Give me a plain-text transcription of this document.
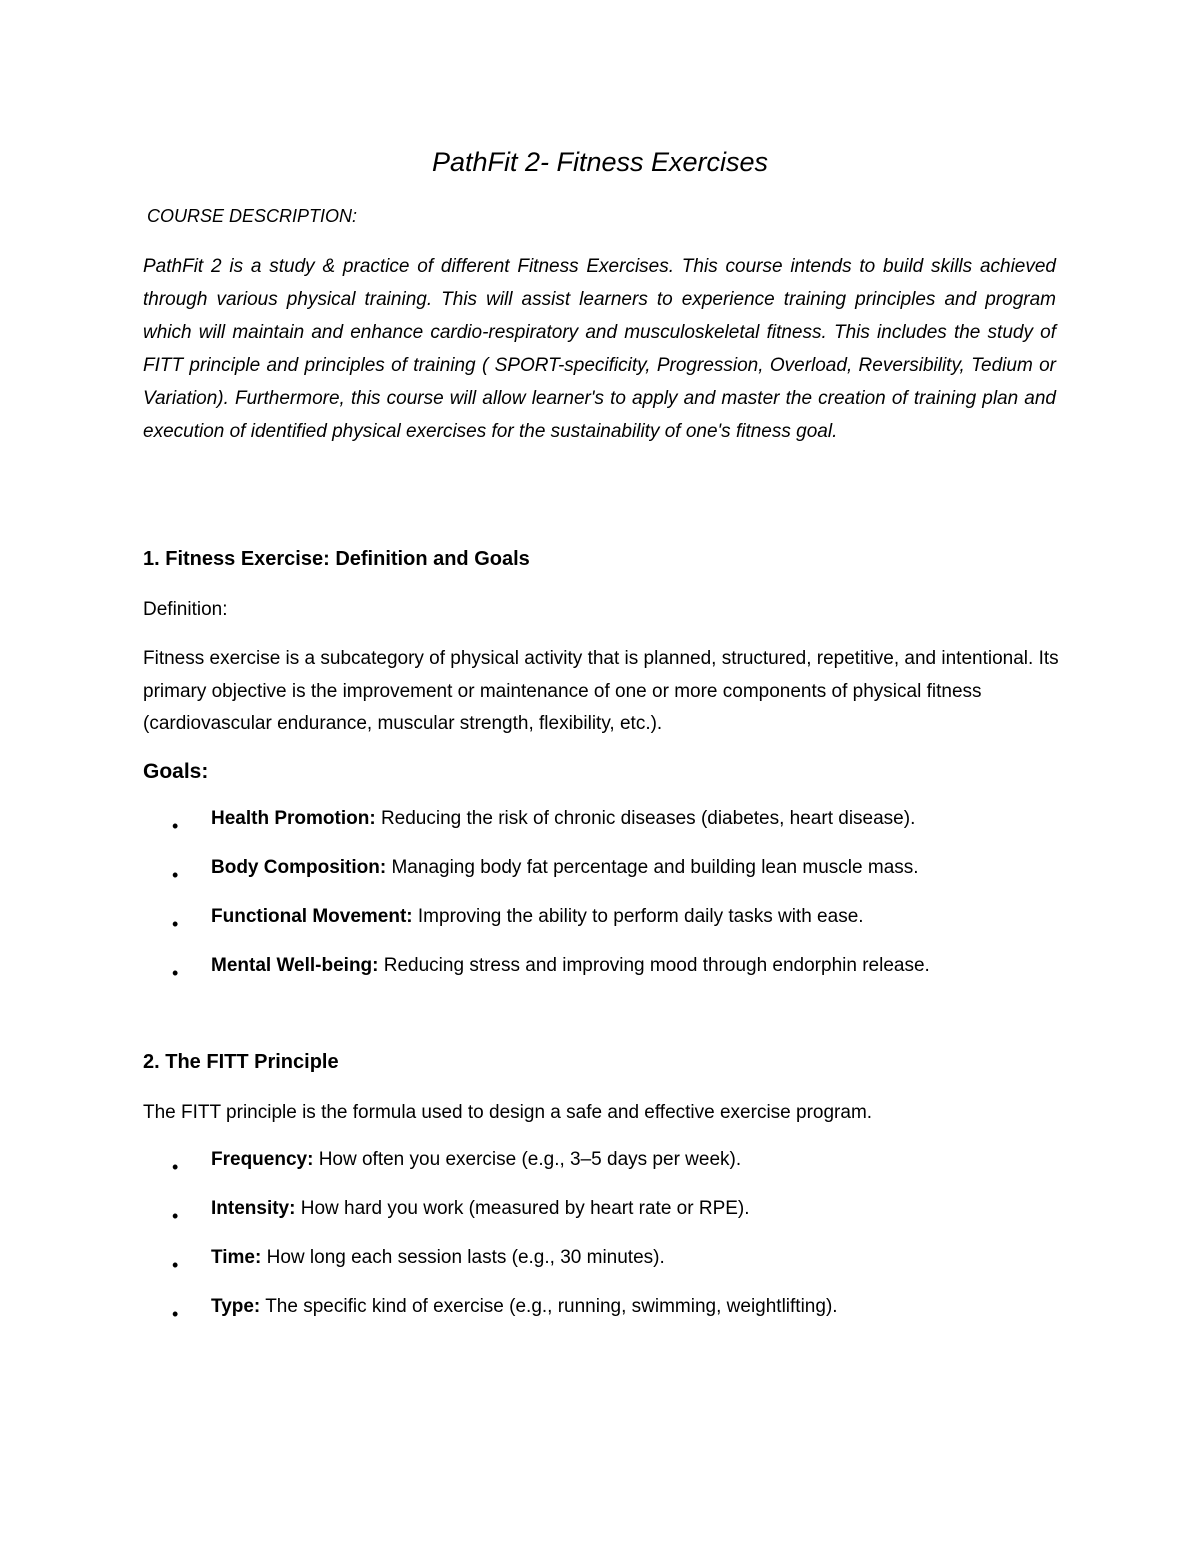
PathFit 2- Fitness Exercises

COURSE DESCRIPTION:

PathFit 2 is a study & practice of different Fitness Exercises. This course intends to build skills achieved through various physical training. This will assist learners to experience training principles and program which will maintain and enhance cardio-respiratory and musculoskeletal fitness. This includes the study of FITT principle and principles of training ( SPORT-specificity, Progression, Overload, Reversibility, Tedium or Variation). Furthermore, this course will allow learner's to apply and master the creation of training plan and execution of identified physical exercises for the sustainability of one's fitness goal.

1. Fitness Exercise: Definition and Goals

Definition:

Fitness exercise is a subcategory of physical activity that is planned, structured, repetitive, and intentional. Its primary objective is the improvement or maintenance of one or more components of physical fitness (cardiovascular endurance, muscular strength, flexibility, etc.).

Goals:

• Health Promotion: Reducing the risk of chronic diseases (diabetes, heart disease).
• Body Composition: Managing body fat percentage and building lean muscle mass.
• Functional Movement: Improving the ability to perform daily tasks with ease.
• Mental Well-being: Reducing stress and improving mood through endorphin release.
2. The FITT Principle

The FITT principle is the formula used to design a safe and effective exercise program.

• Frequency: How often you exercise (e.g., 3–5 days per week).
• Intensity: How hard you work (measured by heart rate or RPE).
• Time: How long each session lasts (e.g., 30 minutes).
• Type: The specific kind of exercise (e.g., running, swimming, weightlifting).
